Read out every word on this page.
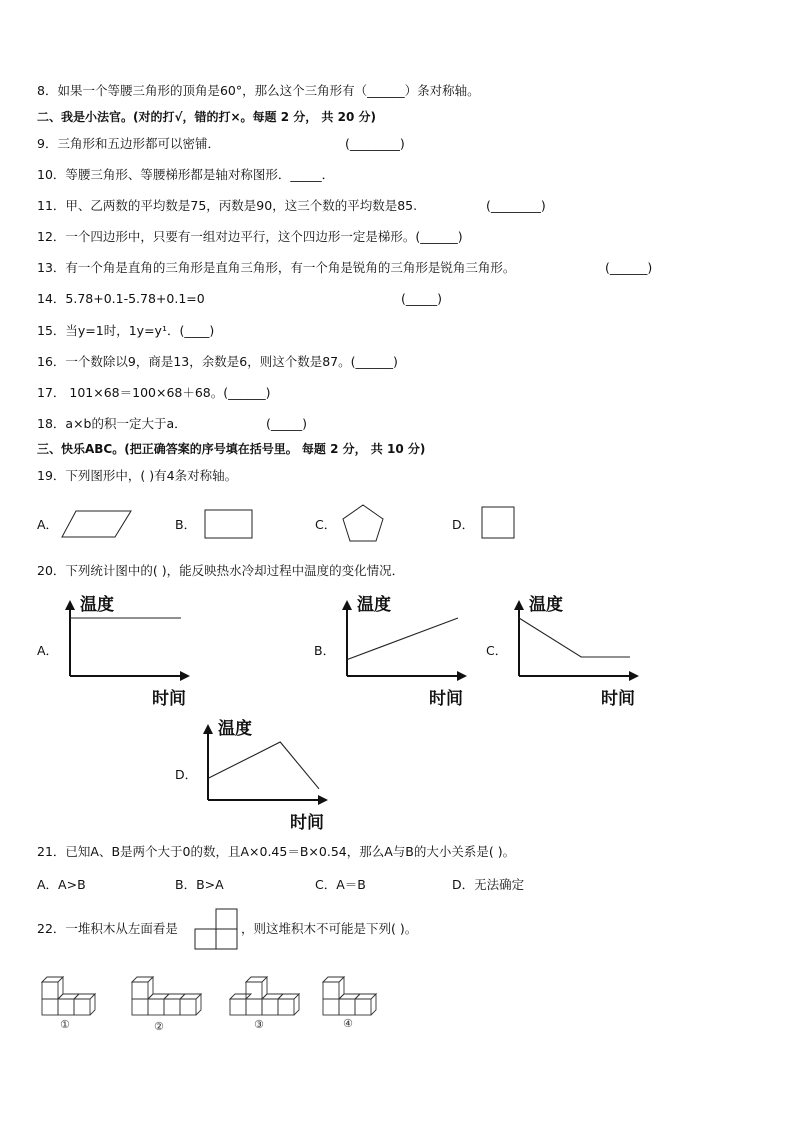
8．如果一个等腰三角形的顶角是60°，那么这个三角形有（______）条对称轴。
二、我是小法官。(对的打√，错的打×。每题 2 分， 共 20 分)
9．三角形和五边形都可以密铺．	(________)
10．等腰三角形、等腰梯形都是轴对称图形．_____．
11．甲、乙两数的平均数是75，丙数是90，这三个数的平均数是85.	(________)
12．一个四边形中，只要有一组对边平行，这个四边形一定是梯形。(______)
13．有一个角是直角的三角形是直角三角形，有一个角是锐角的三角形是锐角三角形。	(______)
14．5.78+0.1-5.78+0.1=0	(_____)
15．当y=1时，1y=y¹．(____)
16．一个数除以9，商是13，余数是6，则这个数是87。(______)
17． 101×68＝100×68＋68。(______)
18．a×b的积一定大于a．	(_____)
三、快乐ABC。(把正确答案的序号填在括号里。 每题 2 分， 共 10 分)
19．下列图形中，( )有4条对称轴。
A．	B．	C．	D．
20．下列统计图中的( )，能反映热水冷却过程中温度的变化情况．
A．	B．	C．
D．
温度
时间
温度
时间
温度
时间
温度
时间
21．已知A、B是两个大于0的数，且A×0.45＝B×0.54，那么A与B的大小关系是( )。
A．A>B	B．B>A	C．A＝B	D．无法确定
22．一堆积木从左面看是	，则这堆积木不可能是下列( )。
①	②	③	④
